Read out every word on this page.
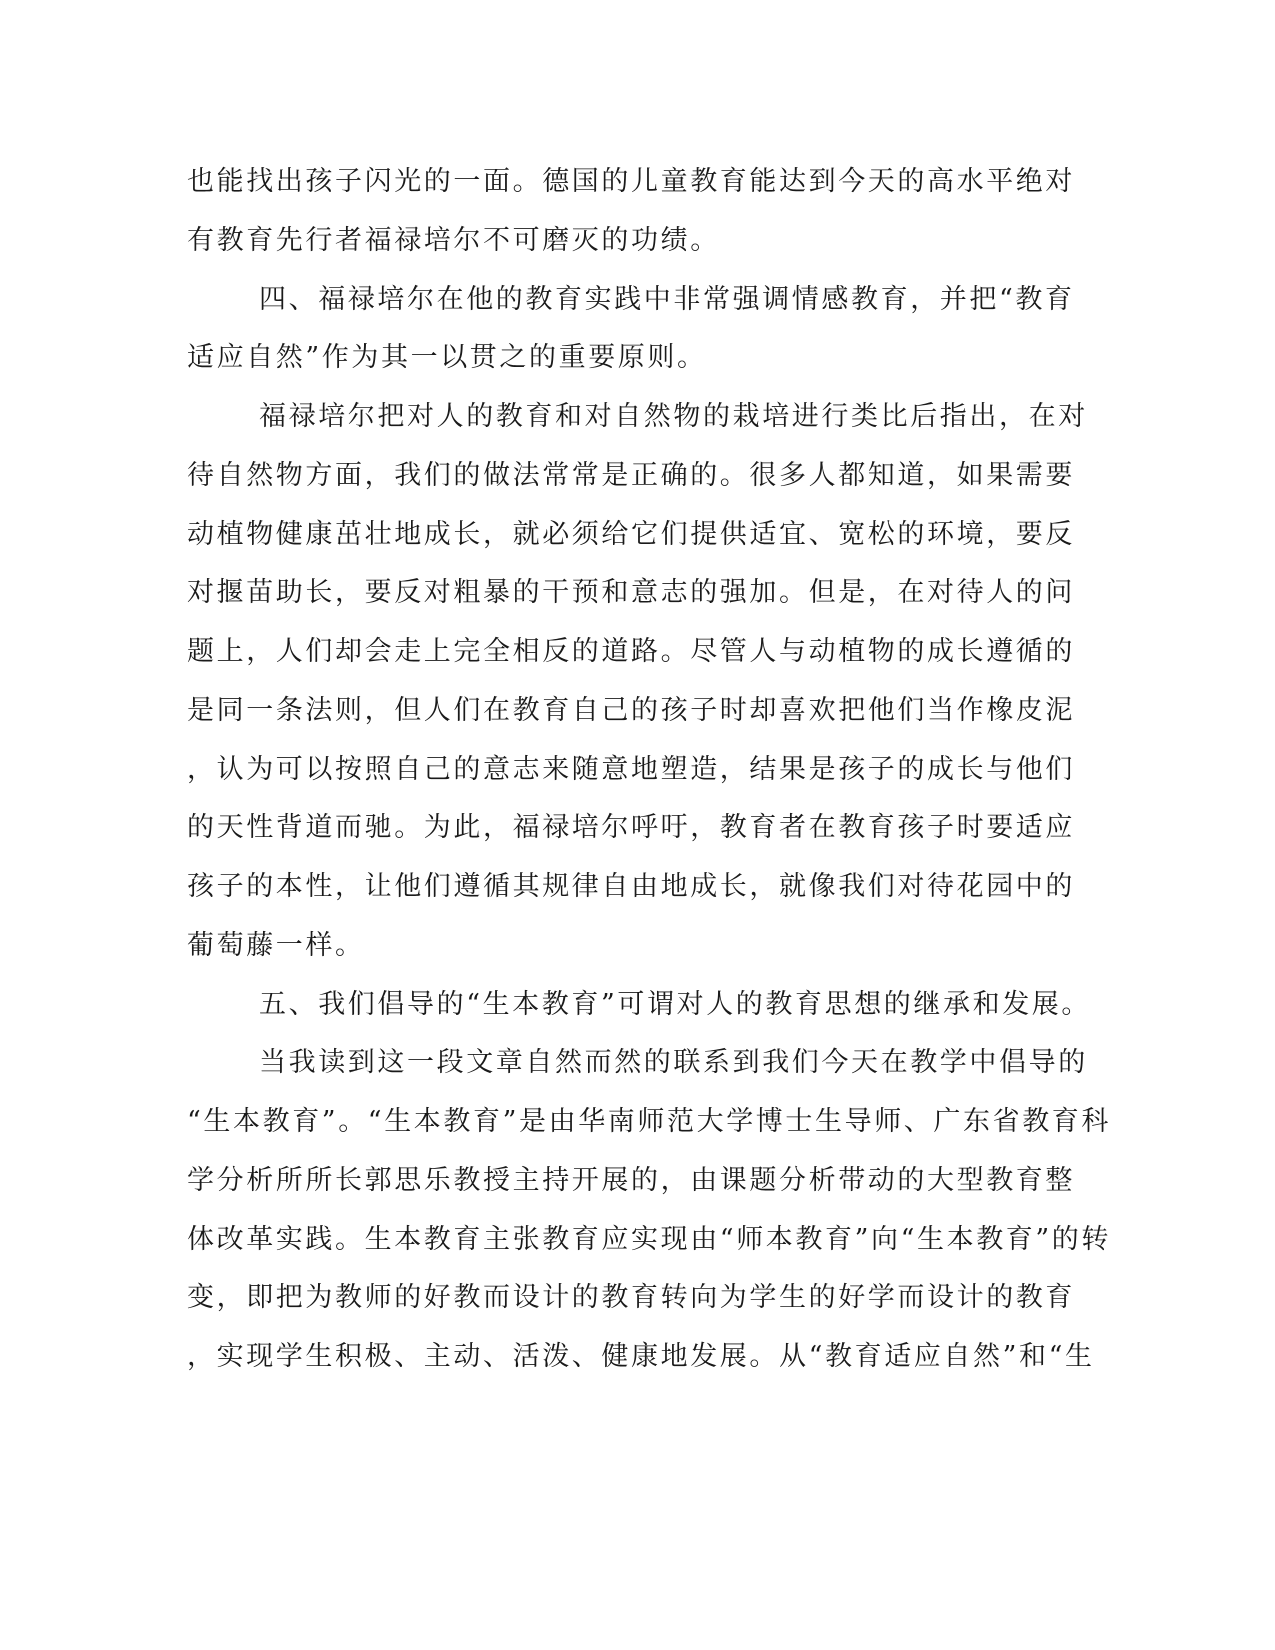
也能找出孩子闪光的一面。德国的儿童教育能达到今天的高水平绝对
有教育先行者福禄培尔不可磨灭的功绩。
四、福禄培尔在他的教育实践中非常强调情感教育，并把“教育
适应自然”作为其一以贯之的重要原则。
福禄培尔把对人的教育和对自然物的栽培进行类比后指出，在对
待自然物方面，我们的做法常常是正确的。很多人都知道，如果需要
动植物健康茁壮地成长，就必须给它们提供适宜、宽松的环境，要反
对揠苗助长，要反对粗暴的干预和意志的强加。但是，在对待人的问
题上，人们却会走上完全相反的道路。尽管人与动植物的成长遵循的
是同一条法则，但人们在教育自己的孩子时却喜欢把他们当作橡皮泥
，认为可以按照自己的意志来随意地塑造，结果是孩子的成长与他们
的天性背道而驰。为此，福禄培尔呼吁，教育者在教育孩子时要适应
孩子的本性，让他们遵循其规律自由地成长，就像我们对待花园中的
葡萄藤一样。
五、我们倡导的“生本教育”可谓对人的教育思想的继承和发展。
当我读到这一段文章自然而然的联系到我们今天在教学中倡导的
“生本教育”。“生本教育”是由华南师范大学博士生导师、广东省教育科
学分析所所长郭思乐教授主持开展的，由课题分析带动的大型教育整
体改革实践。生本教育主张教育应实现由“师本教育”向“生本教育”的转
变，即把为教师的好教而设计的教育转向为学生的好学而设计的教育
，实现学生积极、主动、活泼、健康地发展。从“教育适应自然”和“生
